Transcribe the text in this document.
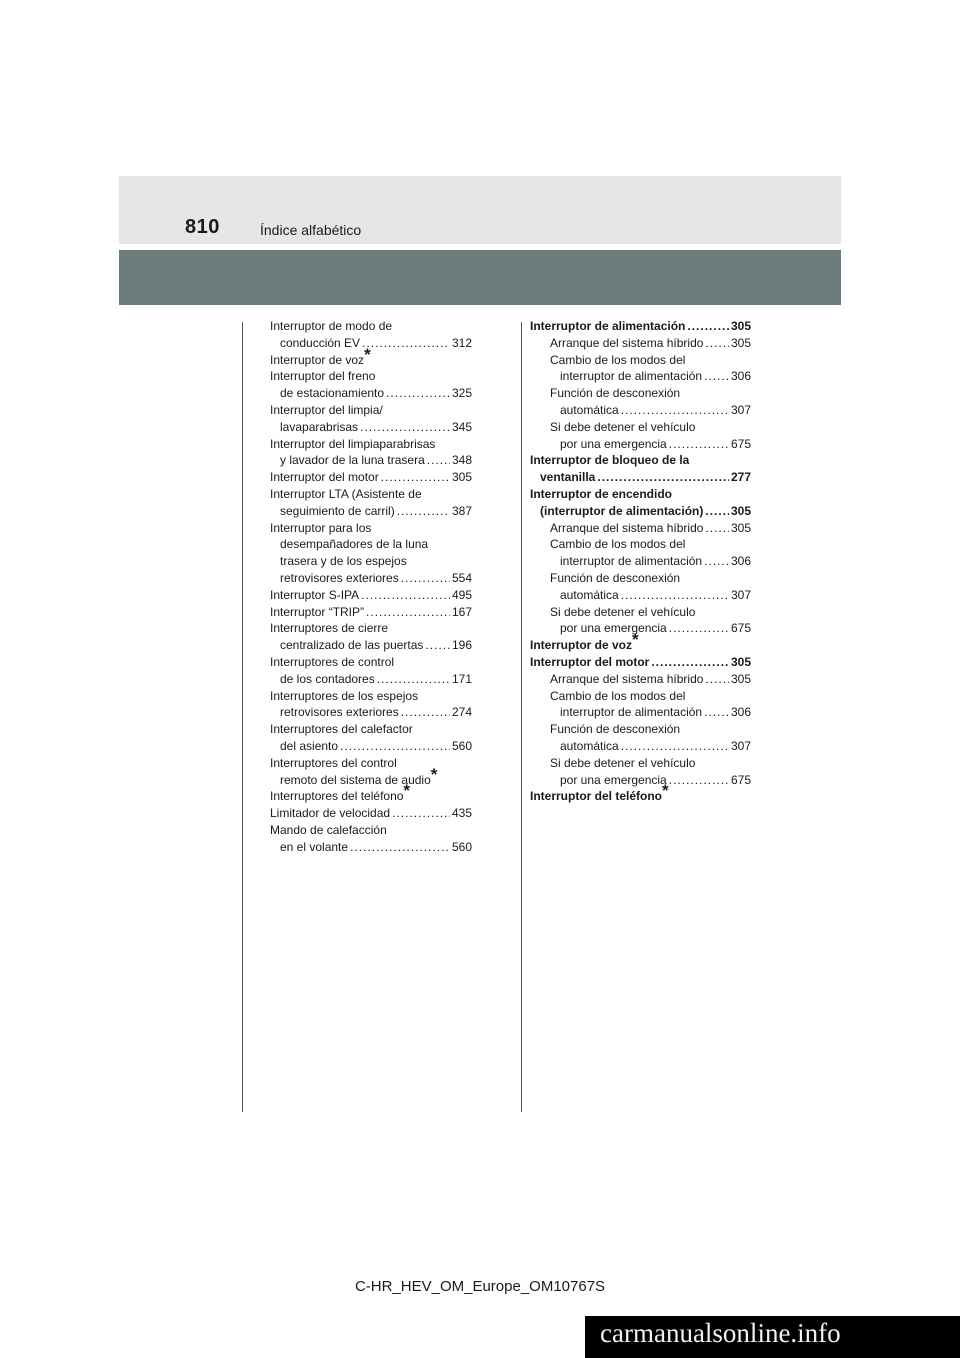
810	Índice alfabético
Interruptor de modo de
conducción EV .....	312
Interruptor de voz *
Interruptor del freno
de estacionamiento .....	325
Interruptor del limpia/
lavaparabrisas .....	345
Interruptor del limpiaparabrisas
y lavador de la luna trasera ..... 348
Interruptor del motor .....	305
Interruptor LTA (Asistente de
seguimiento de carril) .....	387
Interruptor para los
desempañadores de la luna
trasera y de los espejos
retrovisores exteriores .....	554
Interruptor S-IPA .....	495
Interruptor “TRIP” .....	167
Interruptores de cierre
centralizado de las puertas ..... 196
Interruptores de control
de los contadores .....	171
Interruptores de los espejos
retrovisores exteriores .....	274
Interruptores del calefactor
del asiento .....	560
Interruptores del control
remoto del sistema de audio *
Interruptores del teléfono *
Limitador de velocidad .....	435
Mando de calefacción
en el volante .....	560
Interruptor de alimentación .....	305
Arranque del sistema híbrido ..... 305
Cambio de los modos del
interruptor de alimentación ..... 306
Función de desconexión
automática .....	307
Si debe detener el vehículo
por una emergencia .....	675
Interruptor de bloqueo de la
ventanilla .....	277
Interruptor de encendido
(interruptor de alimentación) ..... 305
Arranque del sistema híbrido ..... 305
Cambio de los modos del
interruptor de alimentación ..... 306
Función de desconexión
automática .....	307
Si debe detener el vehículo
por una emergencia .....	675
Interruptor de voz *
Interruptor del motor .....	305
Arranque del sistema híbrido ..... 305
Cambio de los modos del
interruptor de alimentación ..... 306
Función de desconexión
automática .....	307
Si debe detener el vehículo
por una emergencia .....	675
Interruptor del teléfono *
C-HR_HEV_OM_Europe_OM10767S
carmanualsonline.info
